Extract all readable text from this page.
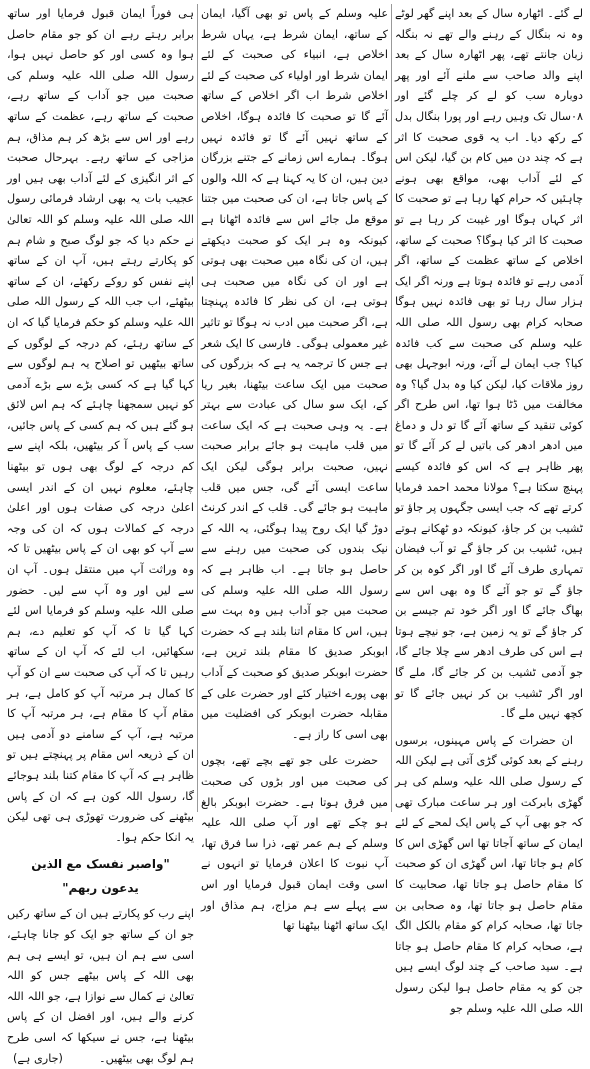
لے گئے۔ اٹھارہ سال کے بعد اپنے گھر لوٹے وہ نہ بنگال کے رہنے والے تھے نہ بنگلہ زبان جانتے تھے، پھر اٹھارہ سال کے بعد اپنے والد صاحب سے ملنے آئے اور پھر دوبارہ سب کو لے کر چلے گئے اور ۰۸سال تک وہیں رہے اور پورا بنگال بدل کے رکھ دیا۔ اب یہ قوی صحبت کا اثر ہے کہ چند دن میں کام بن گیا، لیکن اس کے لئے آداب بھی، مواقع بھی ہونے چاہئیں کہ حرام کھا رہا ہے تو صحبت کا اثر کہاں ہوگا اور غیبت کر رہا ہے تو صحبت کا اثر کیا ہوگا؟ صحبت کے ساتھ، اخلاص کے ساتھ عظمت کے ساتھ، اگر آدمی رہے تو فائدہ ہوتا ہے ورنہ اگر ایک ہزار سال رہا تو بھی فائدہ نہیں ہوگا صحابہ کرام بھی رسول اللہ صلی اللہ علیہ وسلم کی صحبت سے کب فائدہ کیا؟ جب ایمان لے آئے، ورنہ ابوجہل بھی روز ملاقات کیا، لیکن کیا وہ بدل گیا؟ وہ مخالفت میں ڈٹا ہوا تھا، اس طرح اگر کوئی تنقید کے ساتھ آئے گا تو دل و دماغ میں ادھر ادھر کی باتیں لے کر آئے گا تو پھر ظاہر ہے کہ اس کو فائدہ کیسے پہنچ سکتا ہے؟ مولانا محمد احمد فرمایا کرتے تھے کہ جب ایسی جگہوں پر جاؤ تو ٹشیب بن کر جاؤ، کیونکہ دو ٹھکانے ہوتے ہیں، ٹشیب بن کر جاؤ گے تو آب فیضان تمہاری طرف آئے گا اور اگر کوہ بن کر جاؤ گے تو جو آئے گا وہ بھی اس سے بھاگ جائے گا اور اگر خود تم جیسے بن کر جاؤ گے تو یہ زمین ہے، جو نیچے ہوتا ہے اس کی طرف ادھر سے چلا جائے گا، جو آدمی ٹشیب بن کر جائے گا، ملے گا اور اگر ٹشیب بن کر نہیں جائے گا تو کچھ نہیں ملے گا۔

ان حضرات کے پاس مہینوں، برسوں رہنے کے بعد کوئی گڑی آتی ہے لیکن اللہ کے رسول صلی اللہ علیہ وسلم کی ہر گھڑی بابرکت اور ہر ساعت مبارک تھی کہ جو بھی آپ کے پاس ایک لمحے کے لئے ایمان کے ساتھ آجاتا تھا اس گھڑی اس کا کام ہو جاتا تھا، اس گھڑی ان کو صحبت کا مقام حاصل ہو جاتا تھا، صحابیت کا مقام حاصل ہو جاتا تھا، وہ صحابی بن جاتا تھا، صحابہ کرام کو مقام بالکل الگ ہے، صحابہ کرام کا مقام حاصل ہو جاتا ہے۔ سید صاحب کے چند لوگ ایسے ہیں جن کو یہ مقام حاصل ہوا لیکن رسول اللہ صلی اللہ علیہ وسلم جو

علیہ وسلم کے پاس تو بھی آگیا، ایمان کے ساتھ، ایمان شرط ہے، یہاں شرط اخلاص ہے، انبیاء کی صحبت کے لئے ایمان شرط اور اولیاء کی صحبت کے لئے اخلاص شرط اب اگر اخلاص کے ساتھ آئے گا تو صحبت کا فائدہ ہوگا، اخلاص کے ساتھ نہیں آئے گا تو فائدہ نہیں ہوگا۔ ہمارے اس زمانے کے جتنے بزرگان دین ہیں، ان کا یہ کہنا ہے کہ اللہ والوں کے پاس جاتا ہے، ان کی صحبت میں جتنا موقع مل جائے اس سے فائدہ اٹھانا ہے کیونکہ وہ ہر ایک کو صحبت دیکھتے ہیں، ان کی نگاہ میں صحبت بھی ہوتی ہے اور ان کی نگاہ میں صحبت ہی ہوتی ہے، ان کی نظر کا فائدہ پہنچتا ہے، اگر صحبت میں ادب نہ ہوگا تو تاثیر غیر معمولی ہوگی۔ فارسی کا ایک شعر ہے جس کا ترجمہ یہ ہے کہ بزرگوں کی صحبت میں ایک ساعت بیٹھنا، بغیر ریا کے، ایک سو سال کی عبادت سے بہتر ہے۔ یہ وہی صحبت ہے کہ ایک ساعت میں قلب ماہیت ہو جائے برابر صحبت نہیں، صحبت برابر ہوگی لیکن ایک ساعت ایسی آئے گی، جس میں قلب ماہیت ہو جائے گی۔ قلب کے اندر کرنٹ دوڑ گیا ایک روح پیدا ہوگئی، یہ اللہ کے نیک بندوں کی صحبت میں رہنے سے حاصل ہو جاتا ہے۔ اب ظاہر ہے کہ رسول اللہ صلی اللہ علیہ وسلم کی صحبت میں جو آداب ہیں وہ بہت سے ہیں، اس کا مقام اتنا بلند ہے کہ حضرت ابوبکر صدیق کا مقام بلند ترین ہے، حضرت ابوبکر صدیق کو صحبت کے آداب بھی پورے اختیار کئے اور حضرت علی کے مقابلہ حضرت ابوبکر کی افضلیت میں بھی اسی کا راز ہے۔

حضرت علی جو تھے بچے تھے، بچوں کی صحبت میں اور بڑوں کی صحبت میں فرق ہوتا ہے۔ حضرت ابوبکر بالغ ہو چکے تھے اور آپ صلی اللہ علیہ وسلم کے ہم عمر تھے، ذرا سا فرق تھا، آپ نبوت کا اعلان فرمایا تو انہوں نے اسی وقت ایمان قبول فرمایا اور اس سے پہلے سے ہم مزاج، ہم مذاق اور ایک ساتھ اٹھنا بیٹھنا تھا

ہی فوراً ایمان قبول فرمایا اور ساتھ برابر رہتے رہے ان کو جو مقام حاصل ہوا وہ کسی اور کو حاصل نہیں ہوا، رسول اللہ صلی اللہ علیہ وسلم کی صحبت میں جو آداب کے ساتھ رہے، صحبت کے ساتھ رہے، عظمت کے ساتھ رہے اور اس سے بڑھ کر ہم مذاق، ہم مزاجی کے ساتھ رہے۔ بہرحال صحبت کے اثر انگیزی کے لئے آداب بھی ہیں اور عجیب بات یہ بھی ارشاد فرمائی رسول اللہ صلی اللہ علیہ وسلم کو اللہ تعالیٰ نے حکم دیا کہ جو لوگ صبح و شام ہم کو پکارتے رہتے ہیں، آپ ان کے ساتھ اپنے نفس کو روکے رکھئے، ان کے ساتھ بیٹھئے، اب جب اللہ کے رسول اللہ صلی اللہ علیہ وسلم کو حکم فرمایا گیا کہ ان کے ساتھ رہئے، کم درجہ کے لوگوں کے ساتھ بیٹھیں تو اصلاح یہ ہم لوگوں سے کہا گیا ہے کہ کسی بڑے سے بڑے آدمی کو نہیں سمجھنا چاہئے کہ ہم اس لائق ہو گئے ہیں کہ ہم کسی کے پاس جائیں، سب کے پاس آ کر بیٹھیں، بلکہ اپنے سے کم درجہ کے لوگ بھی ہوں تو بیٹھنا چاہئے، معلوم نہیں ان کے اندر ایسی اعلیٰ درجہ کی صفات ہوں اور اعلیٰ درجہ کے کمالات ہوں کہ ان کی وجہ سے آپ کو بھی ان کے پاس بیٹھیں تا کہ وہ وراثت آپ میں منتقل ہوں۔ آپ ان سے لیں اور وہ آپ سے لیں۔ حضور صلی اللہ علیہ وسلم کو فرمایا اس لئے کہا گیا تا کہ آپ کو تعلیم دے، ہم سکھائیں، اب لئے کہ آپ ان کے ساتھ رہیں تا کہ آپ کی صحبت سے ان کو آپ کا کمال ہر مرتبہ آپ کو کامل ہے، ہر مقام آپ کا مقام ہے، ہر مرتبہ آپ کا مرتبہ ہے، آپ کے سامنے دو آدمی ہیں ان کے ذریعہ اس مقام پر پہنچتے ہیں تو ظاہر ہے کہ آپ کا مقام کتنا بلند ہوجائے گا، رسول اللہ کون ہے کہ ان کے پاس بیٹھنے کی ضرورت تھوڑی ہی تھی لیکن یہ انکا حکم ہوا۔

"واصبر نفسک مع الذین
یدعون ربھم"

اپنے رب کو پکارتے ہیں ان کے ساتھ رکیں جو ان کے ساتھ جو ایک کو جانا چاہئے، اسی سے ہم ان ہیں، تو ایسے ہی ہم بھی اللہ کے پاس بیٹھے جس کو اللہ تعالیٰ نے کمال سے نوازا ہے، جو اللہ اللہ کرنے والے ہیں، اور افضل ان کے پاس بیٹھنا ہے، جس نے سیکھا کہ اسی طرح ہم لوگ بھی بیٹھیں۔
(جاری ہے)
